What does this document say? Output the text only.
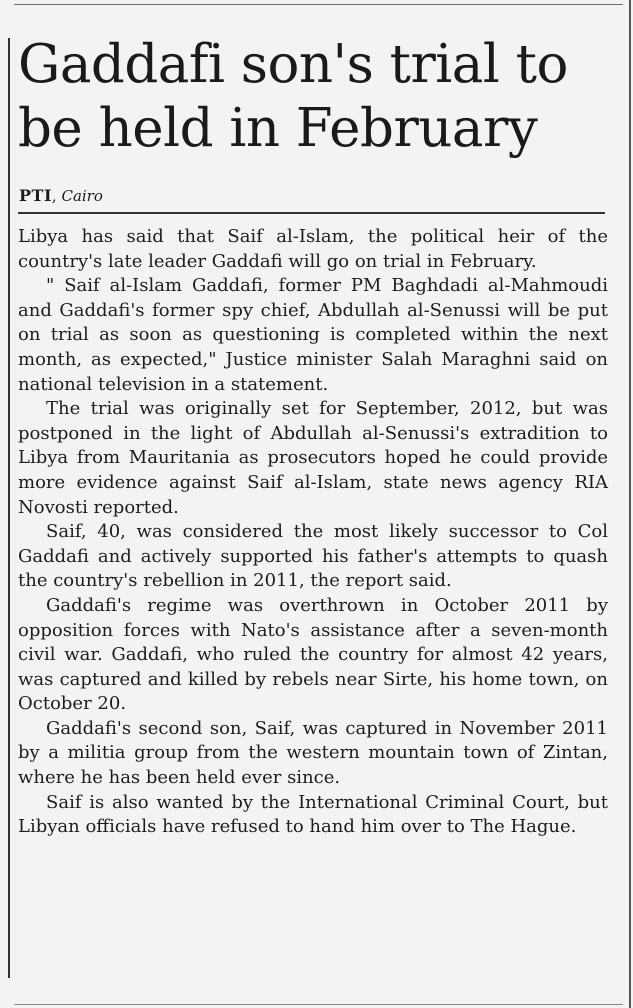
Gaddafi son's trial to be held in February

PTI, Cairo

Libya has said that Saif al-Islam, the political heir of the country's late leader Gaddafi will go on trial in February.

" Saif al-Islam Gaddafi, former PM Baghdadi al-Mahmoudi and Gaddafi's former spy chief, Abdullah al-Senussi will be put on trial as soon as questioning is completed within the next month, as expected," Justice minister Salah Maraghni said on national television in a statement.

The trial was originally set for September, 2012, but was postponed in the light of Abdullah al-Senussi's extradition to Libya from Mauritania as prosecutors hoped he could provide more evidence against Saif al-Islam, state news agency RIA Novosti reported.

Saif, 40, was considered the most likely successor to Col Gaddafi and actively supported his father's attempts to quash the country's rebellion in 2011, the report said.

Gaddafi's regime was overthrown in October 2011 by opposition forces with Nato's assistance after a seven-month civil war. Gaddafi, who ruled the country for almost 42 years, was captured and killed by rebels near Sirte, his home town, on October 20.

Gaddafi's second son, Saif, was captured in November 2011 by a militia group from the western mountain town of Zintan, where he has been held ever since.

Saif is also wanted by the International Criminal Court, but Libyan officials have refused to hand him over to The Hague.
